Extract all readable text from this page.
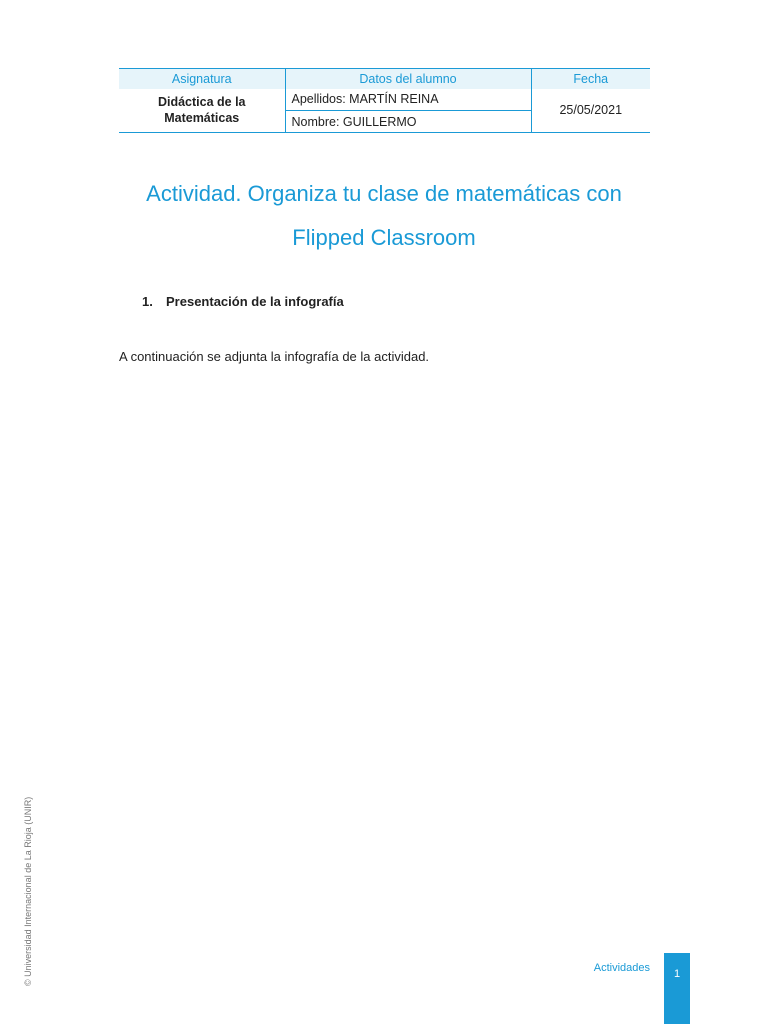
Asignatura	Datos del alumno	Fecha
Didáctica de la
Matemáticas	Apellidos: MARTÍN REINA	25/05/2021
	Nombre: GUILLERMO	
Actividad. Organiza tu clase de matemáticas con
Flipped Classroom
1. Presentación de la infografía

A continuación se adjunta la infografía de la actividad.

© Universidad Internacional de La Rioja (UNIR)	Actividades	1
